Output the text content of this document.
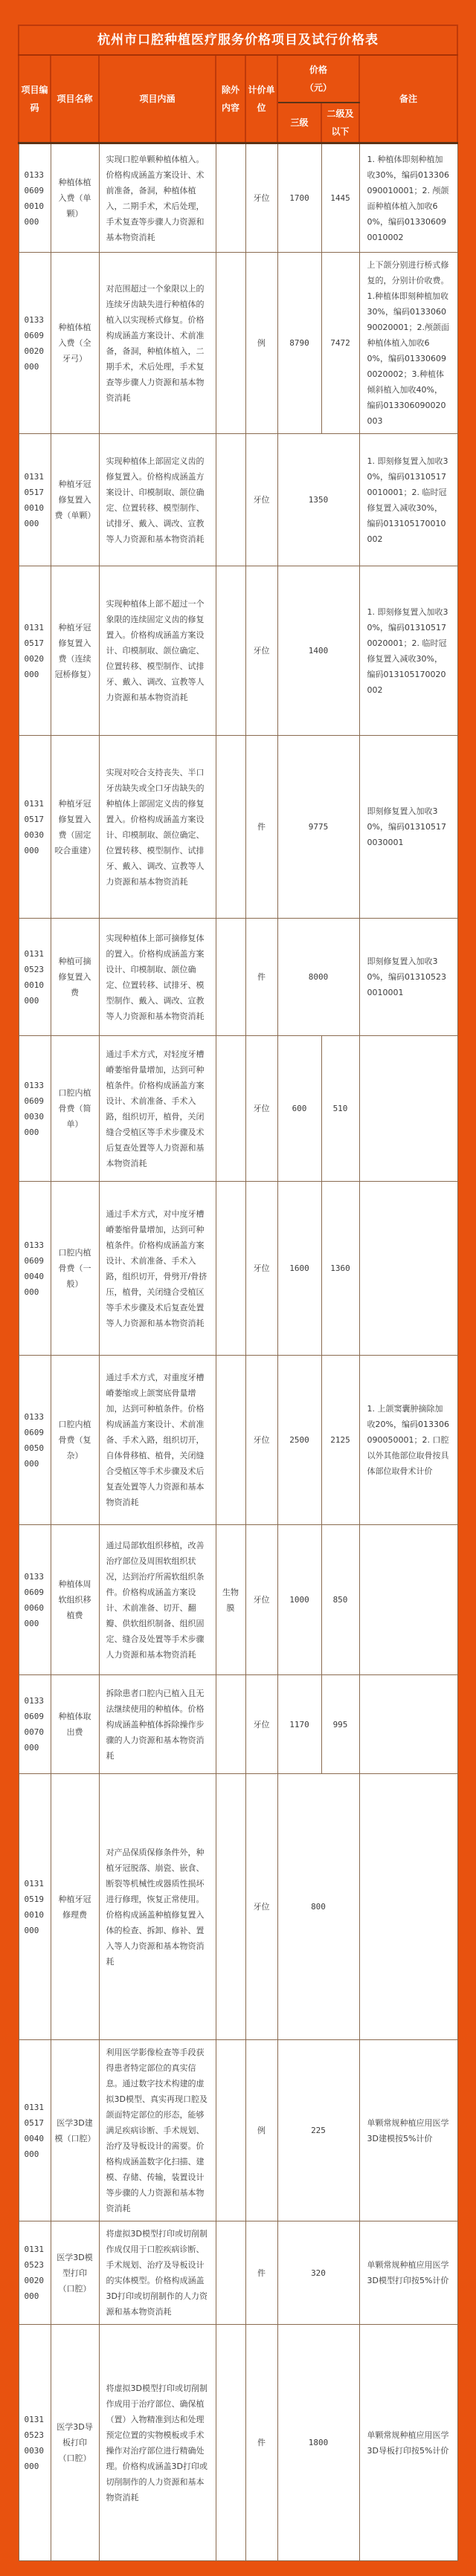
杭州市口腔种植医疗服务价格项目及试行价格表							
项目编码	项目名称	项目内涵	除外内容	计价单位	价格
（元）		备注
					三级	二级及以下	
013306090010000	种植体植入费（单颗）	实现口腔单颗种植体植入。价格构成涵盖方案设计、术前准备，备洞，种植体植入，二期手术，术后处理，手术复查等步骤人力资源和基本物资消耗		牙位	1700	1445	1. 种植体即刻种植加收30%，编码013306090010001；2. 颅颌面种植体植入加收60%，编码013306090010002
013306090020000	种植体植入费（全牙弓）	对范围超过一个象限以上的连续牙齿缺失进行种植体的植入以实现桥式修复。价格构成涵盖方案设计、术前准备，备洞，种植体植入，二期手术，术后处理，手术复查等步骤人力资源和基本物资消耗		例	8790	7472	上下颌分别进行桥式修复的，分别计价收费。1.种植体即刻种植加收30%，编码013306090020001；2.颅颌面种植体植入加收60%，编码013306090020002；3.种植体倾斜植入加收40%，编码013306090020003
013105170010000	种植牙冠修复置入费（单颗）	实现种植体上部固定义齿的修复置入。价格构成涵盖方案设计、印模制取、颌位确定、位置转移、模型制作、试排牙、戴入、调改、宣教等人力资源和基本物资消耗		牙位	1350		1. 即刻修复置入加收30%，编码013105170010001；2. 临时冠修复置入减收30%，编码013105170010002
013105170020000	种植牙冠修复置入费（连续冠桥修复）	实现种植体上部不超过一个象限的连续固定义齿的修复置入。价格构成涵盖方案设计、印模制取、颌位确定、位置转移、模型制作、试排牙、戴入、调改、宣教等人力资源和基本物资消耗		牙位	1400		1. 即刻修复置入加收30%，编码013105170020001；2. 临时冠修复置入减收30%，编码013105170020002
013105170030000	种植牙冠修复置入费（固定咬合重建）	实现对咬合支持丧失、半口牙齿缺失或全口牙齿缺失的种植体上部固定义齿的修复置入。价格构成涵盖方案设计、印模制取、颌位确定、位置转移、模型制作、试排牙、戴入、调改、宣教等人力资源和基本物资消耗		件	9775		即刻修复置入加收30%，编码013105170030001
013105230010000	种植可摘修复置入费	实现种植体上部可摘修复体的置入。价格构成涵盖方案设计、印模制取、颌位确定、位置转移、试排牙、模型制作、戴入、调改、宣教等人力资源和基本物资消耗		件	8000		即刻修复置入加收30%，编码013105230010001
013306090030000	口腔内植骨费（简单）	通过手术方式，对轻度牙槽嵴萎缩骨量增加，达到可种植条件。价格构成涵盖方案设计、术前准备、手术入路，组织切开，植骨，关闭缝合受植区等手术步骤及术后复查处置等人力资源和基本物资消耗		牙位	600	510	
013306090040000	口腔内植骨费（一般）	通过手术方式，对中度牙槽嵴萎缩骨量增加，达到可种植条件。价格构成涵盖方案设计、术前准备、手术入路，组织切开，骨劈开/骨挤压，植骨，关闭缝合受植区等手术步骤及术后复查处置等人力资源和基本物资消耗		牙位	1600	1360	
013306090050000	口腔内植骨费（复杂）	通过手术方式，对重度牙槽嵴萎缩或上颌窦底骨量增加，达到可种植条件。价格构成涵盖方案设计、术前准备、手术入路，组织切开，自体骨移植、植骨，关闭缝合受植区等手术步骤及术后复查处置等人力资源和基本物资消耗		牙位	2500	2125	1. 上颌窦囊肿摘除加收20%，编码013306090050001；2. 口腔以外其他部位取骨按具体部位取骨术计价
013306090060000	种植体周软组织移植费	通过局部软组织移植，改善治疗部位及周围软组织状况，达到治疗所需软组织条件。价格构成涵盖方案设计、术前准备、切开、翻瓣、供软组织制备、组织固定、缝合及处置等手术步骤人力资源和基本物资消耗	生物膜	牙位	1000	850	
013306090070000	种植体取出费	拆除患者口腔内已植入且无法继续使用的种植体。价格构成涵盖种植体拆除操作步骤的人力资源和基本物资消耗		牙位	1170	995	
013105190010000	种植牙冠修理费	对产品保质保修条件外，种植牙冠脱落、崩瓷、嵌食、断裂等机械性或器质性损坏进行修理，恢复正常使用。价格构成涵盖种植修复置入体的检查、拆卸、修补、置入等人力资源和基本物资消耗		牙位	800		
013105170040000	医学3D建模（口腔）	利用医学影像检查等手段获得患者特定部位的真实信息。通过数字技术构建的虚拟3D模型、真实再现口腔及颌面特定部位的形态，能够满足疾病诊断、手术规划、治疗及导板设计的需要。价格构成涵盖数字化扫描、建模、存储、传输，装置设计等步骤的人力资源和基本物资消耗		例	225		单颗常规种植应用医学3D建模按5%计价
013105230020000	医学3D模型打印（口腔）	将虚拟3D模型打印或切削制作成仅用于口腔疾病诊断、手术规划、治疗及导板设计的实体模型。价格构成涵盖3D打印或切削制作的人力资源和基本物资消耗		件	320		单颗常规种植应用医学3D模型打印按5%计价
013105230030000	医学3D导板打印（口腔）	将虚拟3D模型打印或切削制作成用于治疗部位、确保植（置）入物精准到达和处理预定位置的实物模板或手术操作对治疗部位进行精确处理。价格构成涵盖3D打印或切削制作的人力资源和基本物资消耗		件	1800		单颗常规种植应用医学3D导板打印按5%计价
